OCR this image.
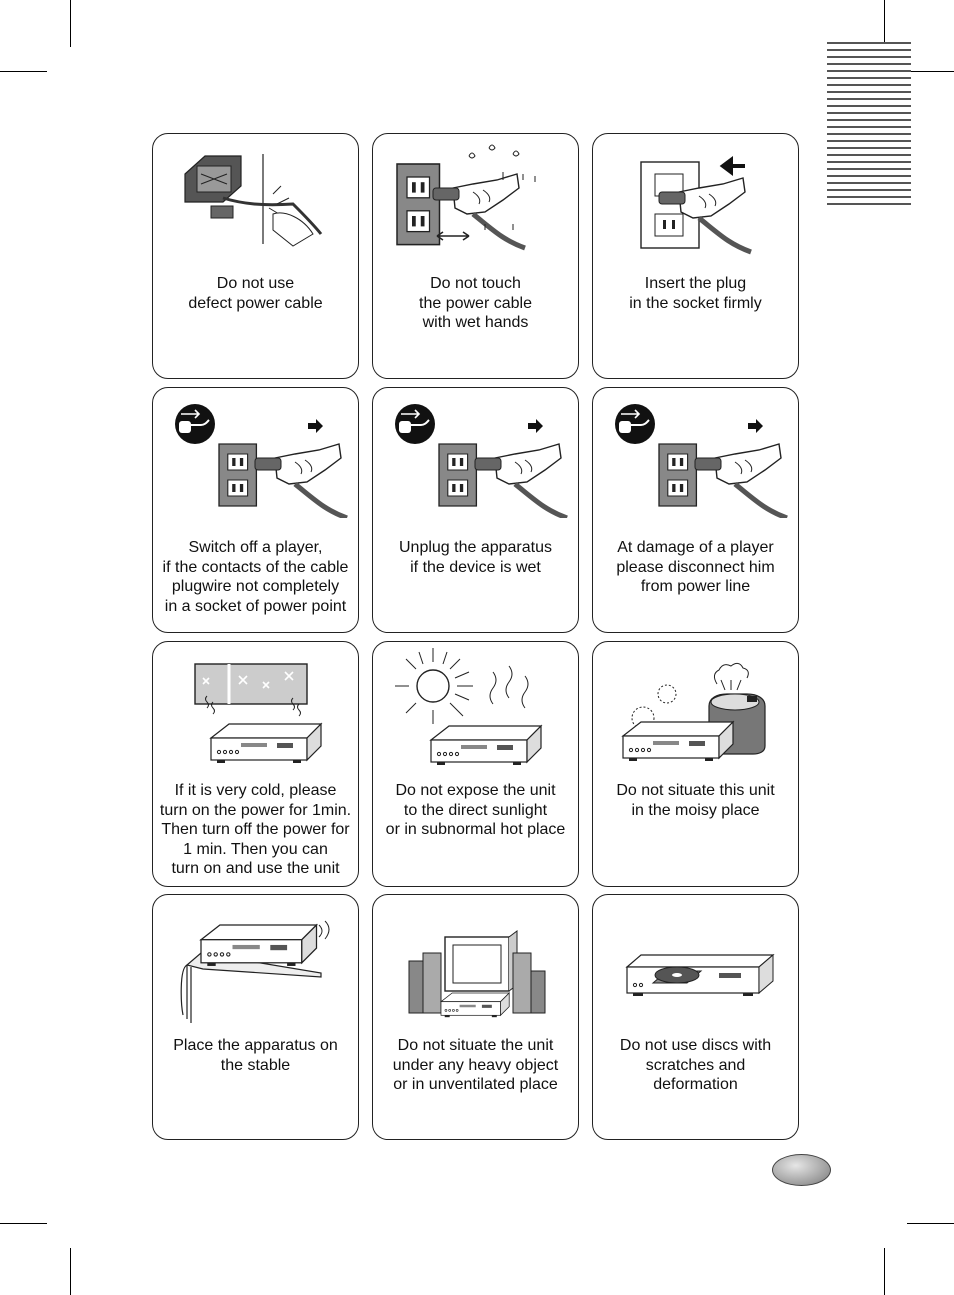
Do not use
defect power cable
Do not touch
the power cable
with wet hands
Insert the plug
in the socket firmly
Switch off a player,
if the contacts of the cable
plugwire not completely
in a socket of power point
Unplug the apparatus
if the device is wet
At damage of a player
please disconnect him
from power line
If it is very cold, please
turn on the power for 1min.
Then turn off the power for
1 min. Then you can
turn on and use the unit
Do not expose the unit
to the direct sunlight
or in subnormal hot place
Do not situate this unit
in the moisy place
Place the apparatus on
the stable
Do not situate the unit
under any heavy object
or in unventilated place
Do not use discs with
scratches and
deformation
